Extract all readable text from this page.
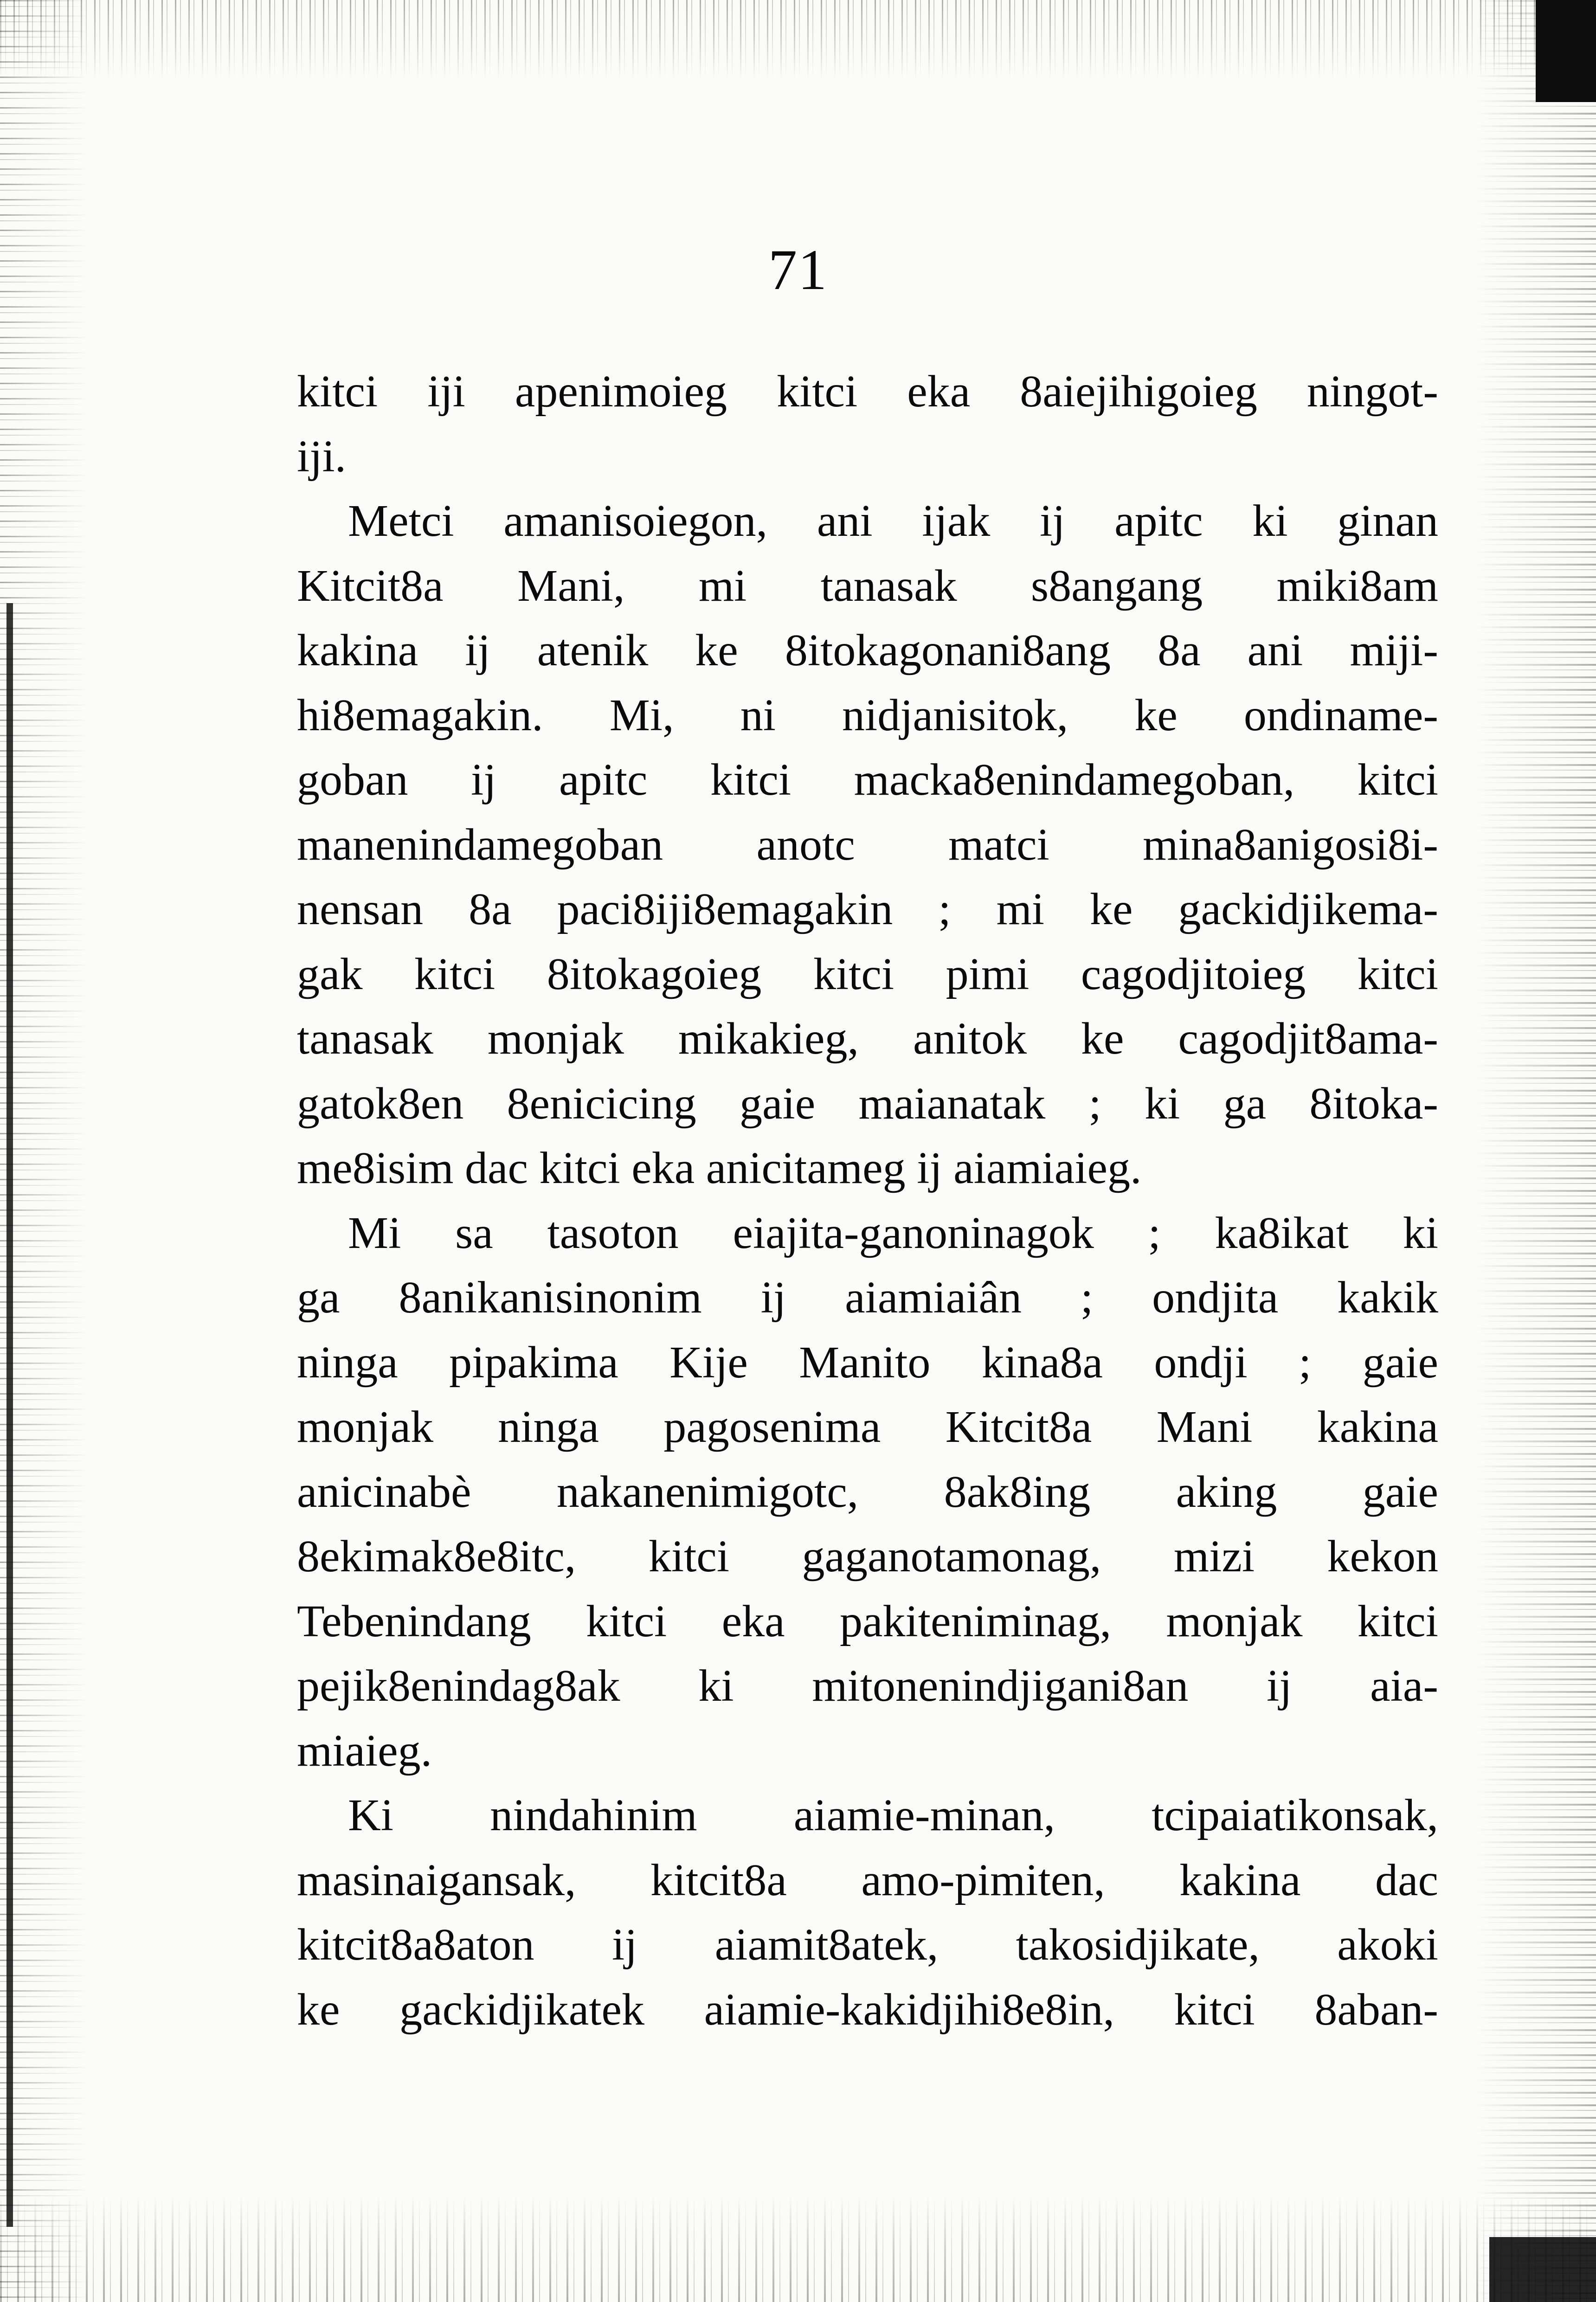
71
kitci iji apenimoieg kitci eka 8aiejihigoieg ningot-
iji.
Metci amanisoiegon, ani ijak ij apitc ki ginan
Kitcit8a Mani, mi tanasak s8angang miki8am
kakina ij atenik ke 8itokagonani8ang 8a ani miji-
hi8emagakin. Mi, ni nidjanisitok, ke ondiname-
goban ij apitc kitci macka8enindamegoban, kitci
manenindamegoban anotc matci mina8anigosi8i-
nensan 8a paci8iji8emagakin ; mi ke gackidjikema-
gak kitci 8itokagoieg kitci pimi cagodjitoieg kitci
tanasak monjak mikakieg, anitok ke cagodjit8ama-
gatok8en 8enicicing gaie maianatak ; ki ga 8itoka-
me8isim dac kitci eka anicitameg ij aiamiaieg.
Mi sa tasoton eiajita-ganoninagok ; ka8ikat ki
ga 8anikanisinonim ij aiamiaiân ; ondjita kakik
ninga pipakima Kije Manito kina8a ondji ; gaie
monjak ninga pagosenima Kitcit8a Mani kakina
anicinabè nakanenimigotc, 8ak8ing aking gaie
8ekimak8e8itc, kitci gaganotamonag, mizi kekon
Tebenindang kitci eka pakiteniminag, monjak kitci
pejik8enindag8ak ki mitonenindjigani8an ij aia-
miaieg.
Ki nindahinim aiamie-minan, tcipaiatikonsak,
masinaigansak, kitcit8a amo-pimiten, kakina dac
kitcit8a8aton ij aiamit8atek, takosidjikate, akoki
ke gackidjikatek aiamie-kakidjihi8e8in, kitci 8aban-
